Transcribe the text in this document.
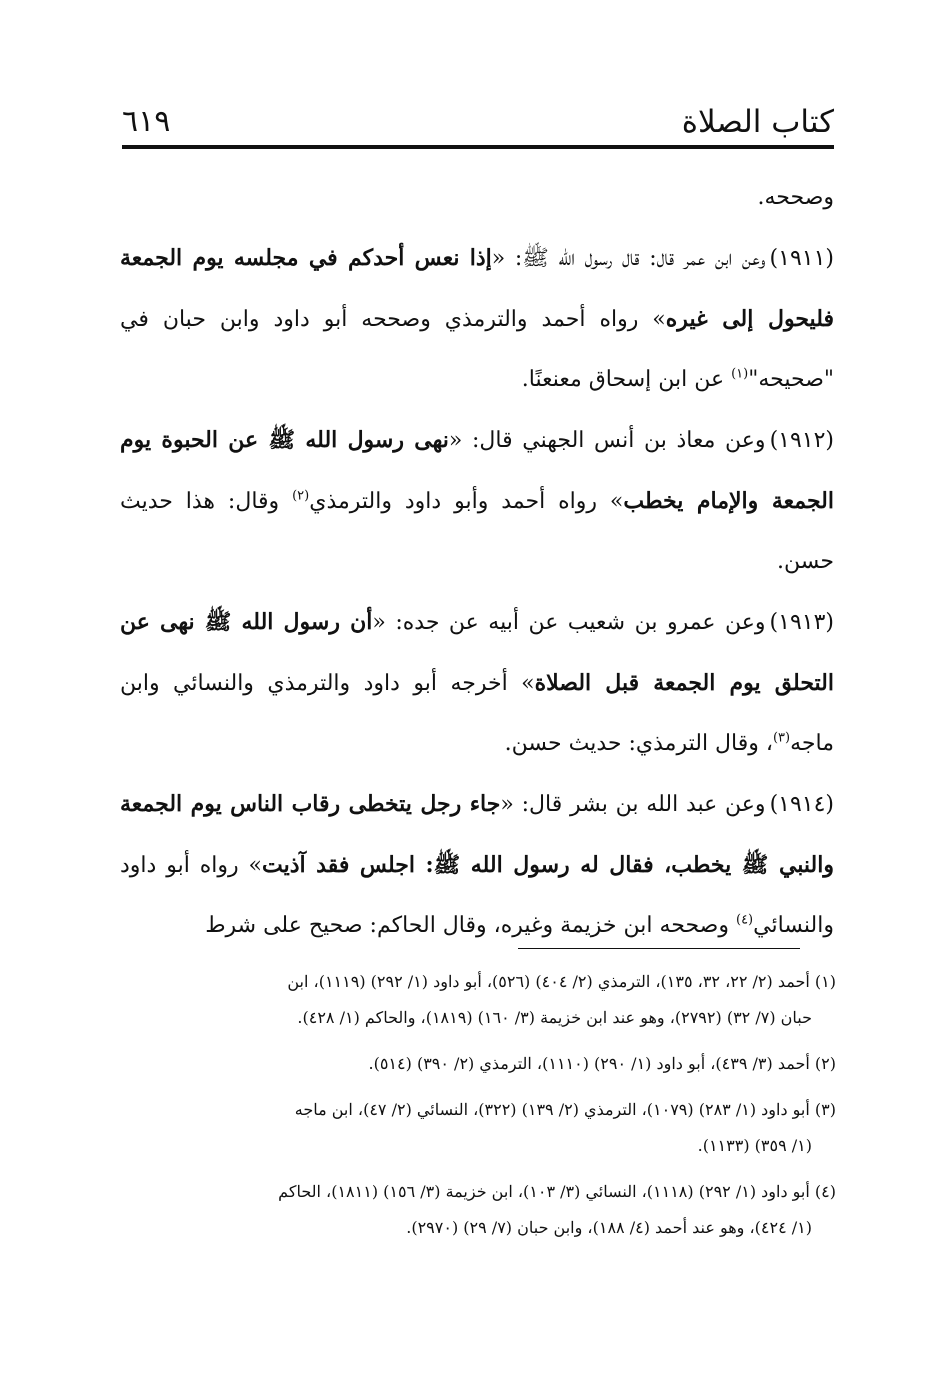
كتاب الصلاة
٦١٩

وصححه.

(١٩١١)وعن ابن عمر قال: قال رسول الله ﷺ: «إذا نعس أحدكم في مجلسه يوم الجمعة فليحول إلى غيره» رواه أحمد والترمذي وصححه أبو داود وابن حبان في "صحيحه"$^{(١)}$ عن ابن إسحاق معنعنًا.

(١٩١٢)وعن معاذ بن أنس الجهني قال: «نهى رسول الله ﷺ عن الحبوة يوم الجمعة والإمام يخطب» رواه أحمد وأبو داود والترمذي$^{(٢)}$ وقال: هذا حديث حسن.

(١٩١٣)وعن عمرو بن شعيب عن أبيه عن جده: «أن رسول الله ﷺ نهى عن التحلق يوم الجمعة قبل الصلاة» أخرجه أبو داود والترمذي والنسائي وابن ماجه$^{(٣)}$، وقال الترمذي: حديث حسن.

(١٩١٤)وعن عبد الله بن بشر قال: «جاء رجل يتخطى رقاب الناس يوم الجمعة والنبي ﷺ يخطب، فقال له رسول الله ﷺ: اجلس فقد آذيت» رواه أبو داود والنسائي$^{(٤)}$ وصححه ابن خزيمة وغيره، وقال الحاكم: صحيح على شرط

(١) أحمد (٢/ ٢٢، ٣٢، ١٣٥)، الترمذي (٢/ ٤٠٤) (٥٢٦)، أبو داود (١/ ٢٩٢) (١١١٩)، ابن
حبان (٧/ ٣٢) (٢٧٩٢)، وهو عند ابن خزيمة (٣/ ١٦٠) (١٨١٩)، والحاكم (١/ ٤٢٨).

(٢) أحمد (٣/ ٤٣٩)، أبو داود (١/ ٢٩٠) (١١١٠)، الترمذي (٢/ ٣٩٠) (٥١٤).

(٣) أبو داود (١/ ٢٨٣) (١٠٧٩)، الترمذي (٢/ ١٣٩) (٣٢٢)، النسائي (٢/ ٤٧)، ابن ماجه
(١/ ٣٥٩) (١١٣٣).

(٤) أبو داود (١/ ٢٩٢) (١١١٨)، النسائي (٣/ ١٠٣)، ابن خزيمة (٣/ ١٥٦) (١٨١١)، الحاكم
(١/ ٤٢٤)، وهو عند أحمد (٤/ ١٨٨)، وابن حبان (٧/ ٢٩) (٢٩٧٠).
